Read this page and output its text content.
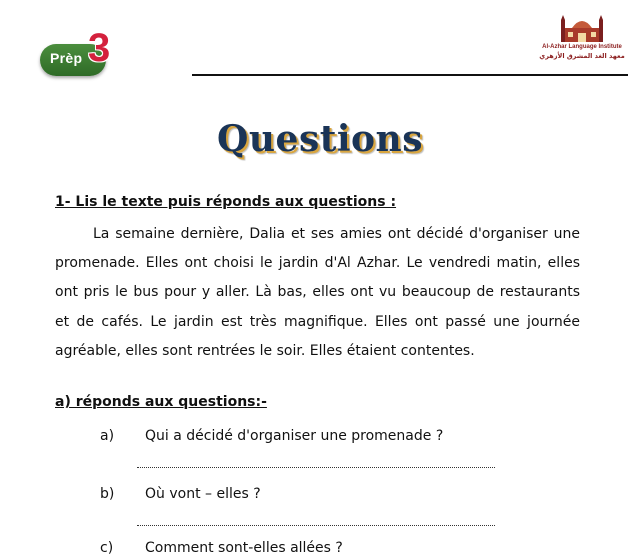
Prèp 3	Al-Azhar Language Institute
معهد الغد المشرق الأزهري
Questions
1- Lis le texte puis réponds aux questions :

La semaine dernière, Dalia et ses amies ont décidé d'organiser une promenade. Elles ont choisi le jardin d'Al Azhar. Le vendredi matin, elles ont pris le bus pour y aller. Là bas, elles ont vu beaucoup de restaurants et de cafés. Le jardin est très magnifique. Elles ont passé une journée agréable, elles sont rentrées le soir. Elles étaient contentes.

a) réponds aux questions:-
a) Qui a décidé d'organiser une promenade ?
b) Où vont – elles ?
c) Comment sont-elles allées ?
